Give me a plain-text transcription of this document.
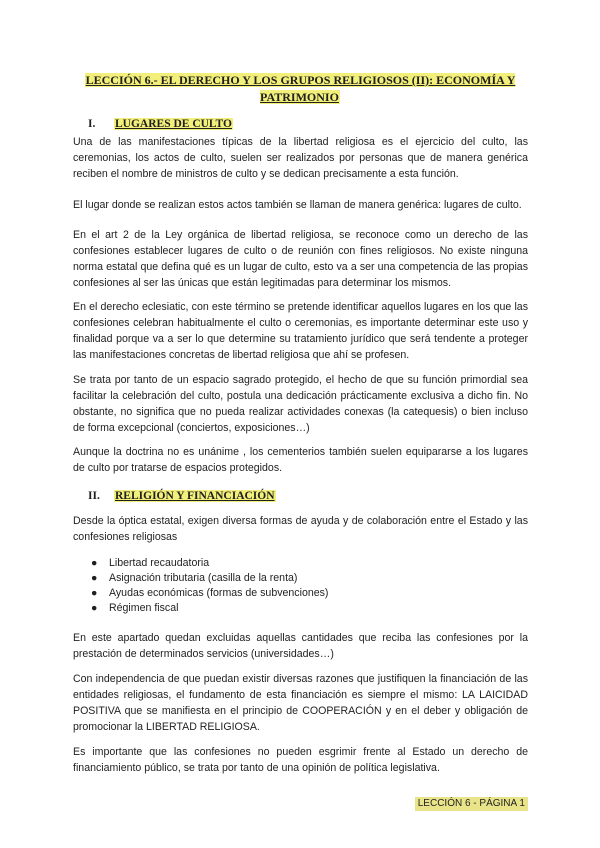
LECCIÓN 6.- EL DERECHO Y LOS GRUPOS RELIGIOSOS (II): ECONOMÍA Y PATRIMONIO
I. LUGARES DE CULTO

Una de las manifestaciones típicas de la libertad religiosa es el ejercicio del culto, las ceremonias, los actos de culto, suelen ser realizados por personas que de manera genérica reciben el nombre de ministros de culto y se dedican precisamente a esta función.

El lugar donde se realizan estos actos también se llaman de manera genérica: lugares de culto.

En el art 2 de la Ley orgánica de libertad religiosa, se reconoce como un derecho de las confesiones establecer lugares de culto o de reunión con fines religiosos. No existe ninguna norma estatal que defina qué es un lugar de culto, esto va a ser una competencia de las propias confesiones al ser las únicas que están legitimadas para determinar los mismos.

En el derecho eclesiatic, con este término se pretende identificar aquellos lugares en los que las confesiones celebran habitualmente el culto o ceremonias, es importante determinar este uso y finalidad porque va a ser lo que determine su tratamiento jurídico que será tendente a proteger las manifestaciones concretas de libertad religiosa que ahí se profesen.

Se trata por tanto de un espacio sagrado protegido, el hecho de que su función primordial sea facilitar la celebración del culto, postula una dedicación prácticamente exclusiva a dicho fin. No obstante, no significa que no pueda realizar actividades conexas (la catequesis) o bien incluso de forma excepcional (conciertos, exposiciones…)

Aunque la doctrina no es unánime , los cementerios también suelen equipararse a los lugares de culto por tratarse de espacios protegidos.

II. RELIGIÓN Y FINANCIACIÓN

Desde la óptica estatal, exigen diversa formas de ayuda y de colaboración entre el Estado y las confesiones religiosas

● Libertad recaudatoria
● Asignación tributaria (casilla de la renta)
● Ayudas económicas (formas de subvenciones)
● Régimen fiscal

En este apartado quedan excluidas aquellas cantidades que reciba las confesiones por la prestación de determinados servicios (universidades…)

Con independencia de que puedan existir diversas razones que justifiquen la financiación de las entidades religiosas, el fundamento de esta financiación es siempre el mismo: LA LAICIDAD POSITIVA que se manifiesta en el principio de COOPERACIÓN y en el deber y obligación de promocionar la LIBERTAD RELIGIOSA.

Es importante que las confesiones no pueden esgrimir frente al Estado un derecho de financiamiento público, se trata por tanto de una opinión de política legislativa.

LECCIÓN 6 - PÁGINA 1
